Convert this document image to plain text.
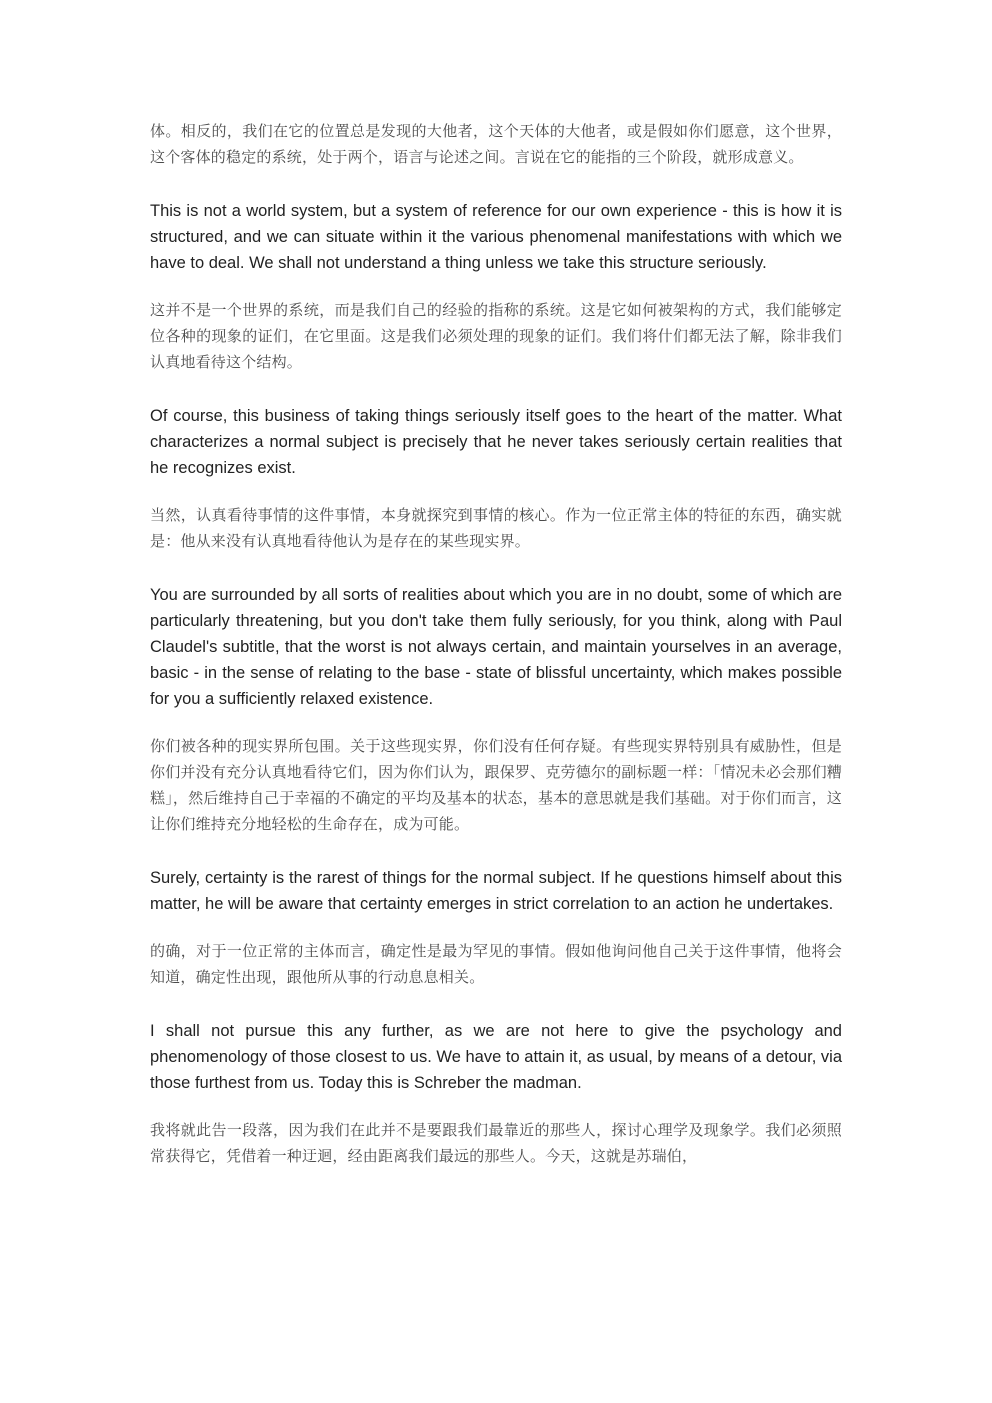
体。相反的，我们在它的位置总是发现的大他者，这个天体的大他者，或是假如你们愿意，这个世界，这个客体的稳定的系统，处于两个，语言与论述之间。言说在它的能指的三个阶段，就形成意义。

This is not a world system, but a system of reference for our own experience - this is how it is structured, and we can situate within it the various phenomenal manifestations with which we have to deal. We shall not understand a thing unless we take this structure seriously.

这并不是一个世界的系统，而是我们自己的经验的指称的系统。这是它如何被架构的方式，我们能够定位各种的现象的证们，在它里面。这是我们必须处理的现象的证们。我们将什们都无法了解，除非我们认真地看待这个结构。

Of course, this business of taking things seriously itself goes to the heart of the matter. What characterizes a normal subject is precisely that he never takes seriously certain realities that he recognizes exist.

当然，认真看待事情的这件事情，本身就探究到事情的核心。作为一位正常主体的特征的东西，确实就是：他从来没有认真地看待他认为是存在的某些现实界。

You are surrounded by all sorts of realities about which you are in no doubt, some of which are particularly threatening, but you don't take them fully seriously, for you think, along with Paul Claudel's subtitle, that the worst is not always certain, and maintain yourselves in an average, basic - in the sense of relating to the base - state of blissful uncertainty, which makes possible for you a sufficiently relaxed existence.

你们被各种的现实界所包围。关于这些现实界，你们没有任何存疑。有些现实界特别具有威胁性，但是你们并没有充分认真地看待它们，因为你们认为，跟保罗、克劳德尔的副标题一样：「情况未必会那们糟糕」，然后维持自己于幸福的不确定的平均及基本的状态，基本的意思就是我们基础。对于你们而言，这让你们维持充分地轻松的生命存在，成为可能。

Surely, certainty is the rarest of things for the normal subject. If he questions himself about this matter, he will be aware that certainty emerges in strict correlation to an action he undertakes.

的确，对于一位正常的主体而言，确定性是最为罕见的事情。假如他询问他自己关于这件事情，他将会知道，确定性出现，跟他所从事的行动息息相关。

I shall not pursue this any further, as we are not here to give the psychology and phenomenology of those closest to us. We have to attain it, as usual, by means of a detour, via those furthest from us. Today this is Schreber the madman.

我将就此告一段落，因为我们在此并不是要跟我们最靠近的那些人，探讨心理学及现象学。我们必须照常获得它，凭借着一种迂迴，经由距离我们最远的那些人。今天，这就是苏瑞伯，
